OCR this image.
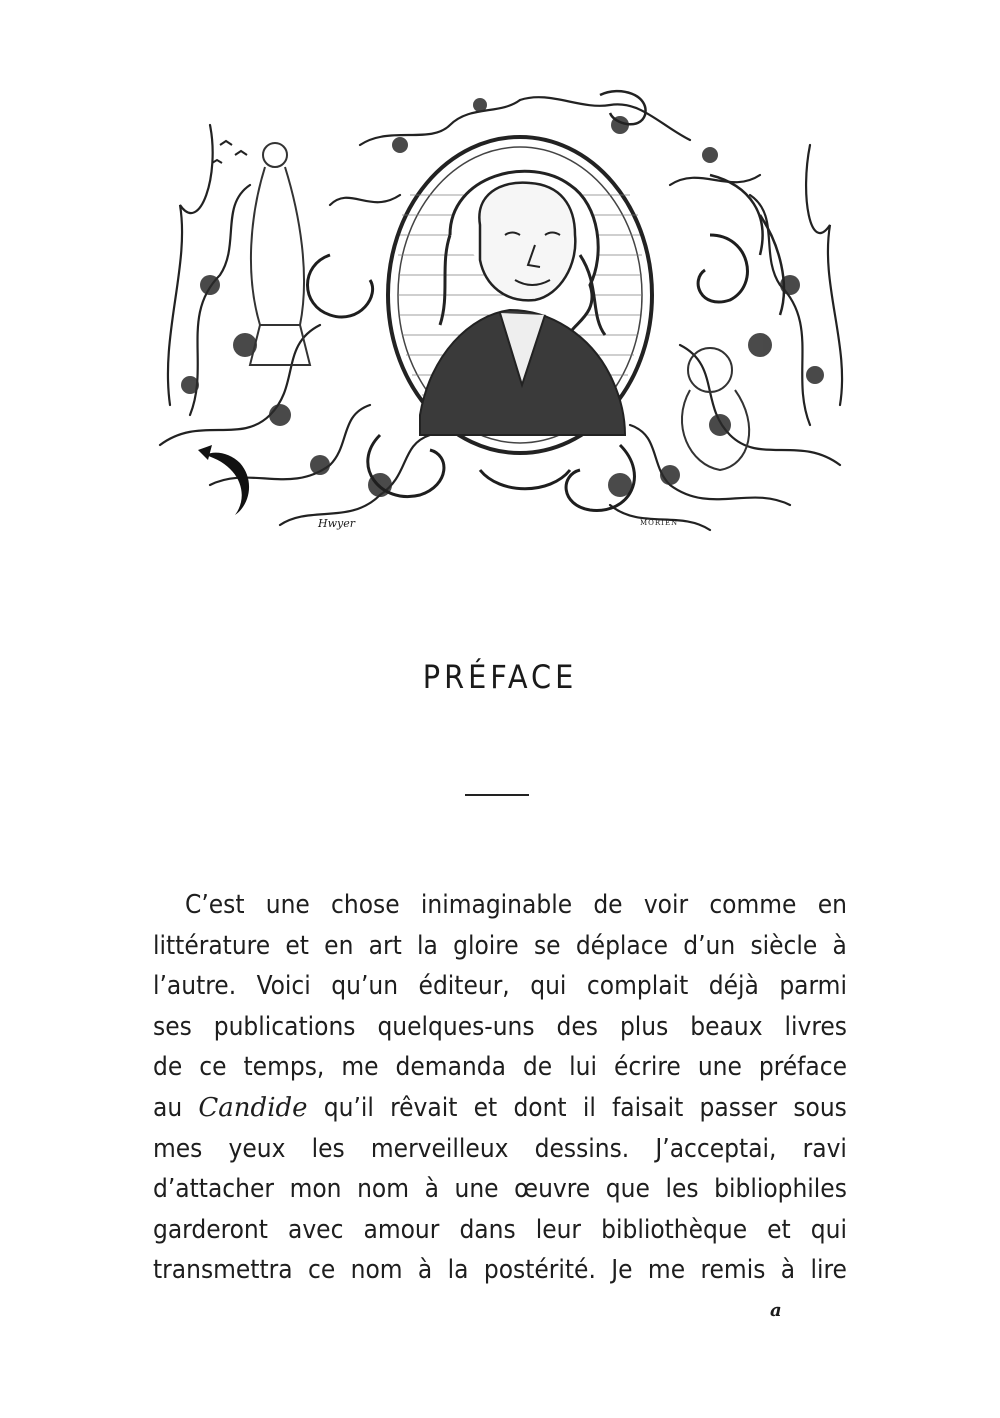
Hwyer	MORIEN
PRÉFACE
C’est une chose inimaginable de voir comme en
littérature et en art la gloire se déplace d’un siècle à
l’autre. Voici qu’un éditeur, qui complait déjà parmi
ses publications quelques-uns des plus beaux livres
de ce temps, me demanda de lui écrire une préface
au Candide qu’il rêvait et dont il faisait passer sous
mes yeux les merveilleux dessins. J’acceptai, ravi
d’attacher mon nom à une œuvre que les bibliophiles
garderont avec amour dans leur bibliothèque et qui
transmettra ce nom à la postérité. Je me remis à lire
a
